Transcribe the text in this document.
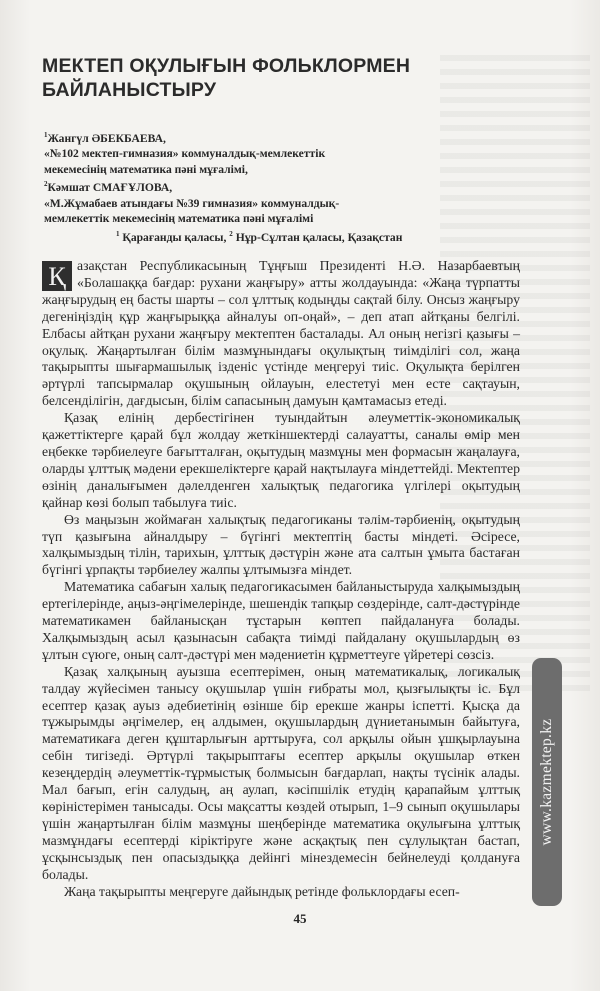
МЕКТЕП ОҚУЛЫҒЫН ФОЛЬКЛОРМЕН
БАЙЛАНЫСТЫРУ
$^1$Жангүл ӘБЕКБАЕВА,
«№102 мектеп-гимназия» коммуналдық-мемлекеттік
мекемесінің математика пәні мұғалімі,
$^2$Кәмшат СМАҒҰЛОВА,
«М.Жұмабаев атындағы №39 гимназия» коммуналдық-
мемлекеттік мекемесінің математика пәні мұғалімі
$^1$ Қарағанды қаласы, $^2$ Нұр-Сұлтан қаласы, Қазақстан

Қ азақстан Республикасының Тұңғыш Президенті Н.Ә. Назарбаевтың «Болашаққа бағдар: рухани жаңғыру» атты жолдауында: «Жаңа түрпатты жаңғырудың ең басты шарты – сол ұлттық кодыңды сақтай білу. Онсыз жаңғыру дегеніңіздің құр жаңғырыққа айналуы оп-оңай», – деп атап айтқаны белгілі. Елбасы айтқан рухани жаңғыру мектептен басталады. Ал оның негізгі қазығы – оқулық. Жаңартылған білім мазмұнындағы оқулықтың тиімділігі сол, жаңа тақырыпты шығармашылық ізденіс үстінде меңгеруі тиіс. Оқулықта берілген әртүрлі тапсырмалар оқушының ойлауын, елестетуі мен есте сақтауын, белсенділігін, дағдысын, білім сапасының дамуын қамтамасыз етеді.

Қазақ елінің дербестігінен туындайтын әлеуметтік-экономикалық қажеттіктерге қарай бұл жолдау жеткіншектерді салауатты, саналы өмір мен еңбекке тәрбиелеуге бағытталған, оқытудың мазмұны мен формасын жаңалауға, оларды ұлттық мәдени ерекшеліктерге қарай нақтылауға міндеттейді. Мектептер өзінің даналығымен дәлелденген халықтық педагогика үлгілері оқытудың қайнар көзі болып табылуға тиіс.

Өз маңызын жоймаған халықтық педагогиканы тәлім-тәрбиенің, оқытудың түп қазығына айналдыру – бүгінгі мектептің басты міндеті. Әсіресе, халқымыздың тілін, тарихын, ұлттық дәстүрін және ата салтын ұмыта бастаған бүгінгі ұрпақты тәрбиелеу жалпы ұлтымызға міндет.

Математика сабағын халық педагогикасымен байланыстыруда халқымыздың ертегілерінде, аңыз-әңгімелерінде, шешендік тапқыр сөздерінде, салт-дәстүрінде математикамен байланысқан тұстарын көптеп пайдалануға болады. Халқымыздың асыл қазынасын сабақта тиімді пайдалану оқушылардың өз ұлтын сүюге, оның салт-дәстүрі мен мәдениетін құрметтеуге үйретері сөзсіз.

Қазақ халқының ауызша есептерімен, оның математикалық, логикалық талдау жүйесімен танысу оқушылар үшін ғибраты мол, қызғылықты іс. Бұл есептер қазақ ауыз әдебиетінің өзінше бір ерекше жанры іспетті. Қысқа да тұжырымды әңгімелер, ең алдымен, оқушылардың дүниетанымын байытуға, математикаға деген құштарлығын арттыруға, сол арқылы ойын ұшқырлауына себін тигізеді. Әртүрлі тақырыптағы есептер арқылы оқушылар өткен кезеңдердің әлеуметтік-тұрмыстық болмысын бағдарлап, нақты түсінік алады. Мал бағып, егін салудың, аң аулап, кәсіпшілік етудің қарапайым ұлттық көріністерімен танысады. Осы мақсатты көздей отырып, 1–9 сынып оқушылары үшін жаңартылған білім мазмұны шеңберінде математика оқулығына ұлттық мазмұндағы есептерді кіріктіруге және асқақтық пен сұлулықтан бастап, ұсқынсыздық пен опасыздыққа дейінгі мінездемесін бейнелеуді қолдануға болады.

Жаңа тақырыпты меңгеруге дайындық ретінде фольклордағы есеп-

www.kazmektep.kz
45
